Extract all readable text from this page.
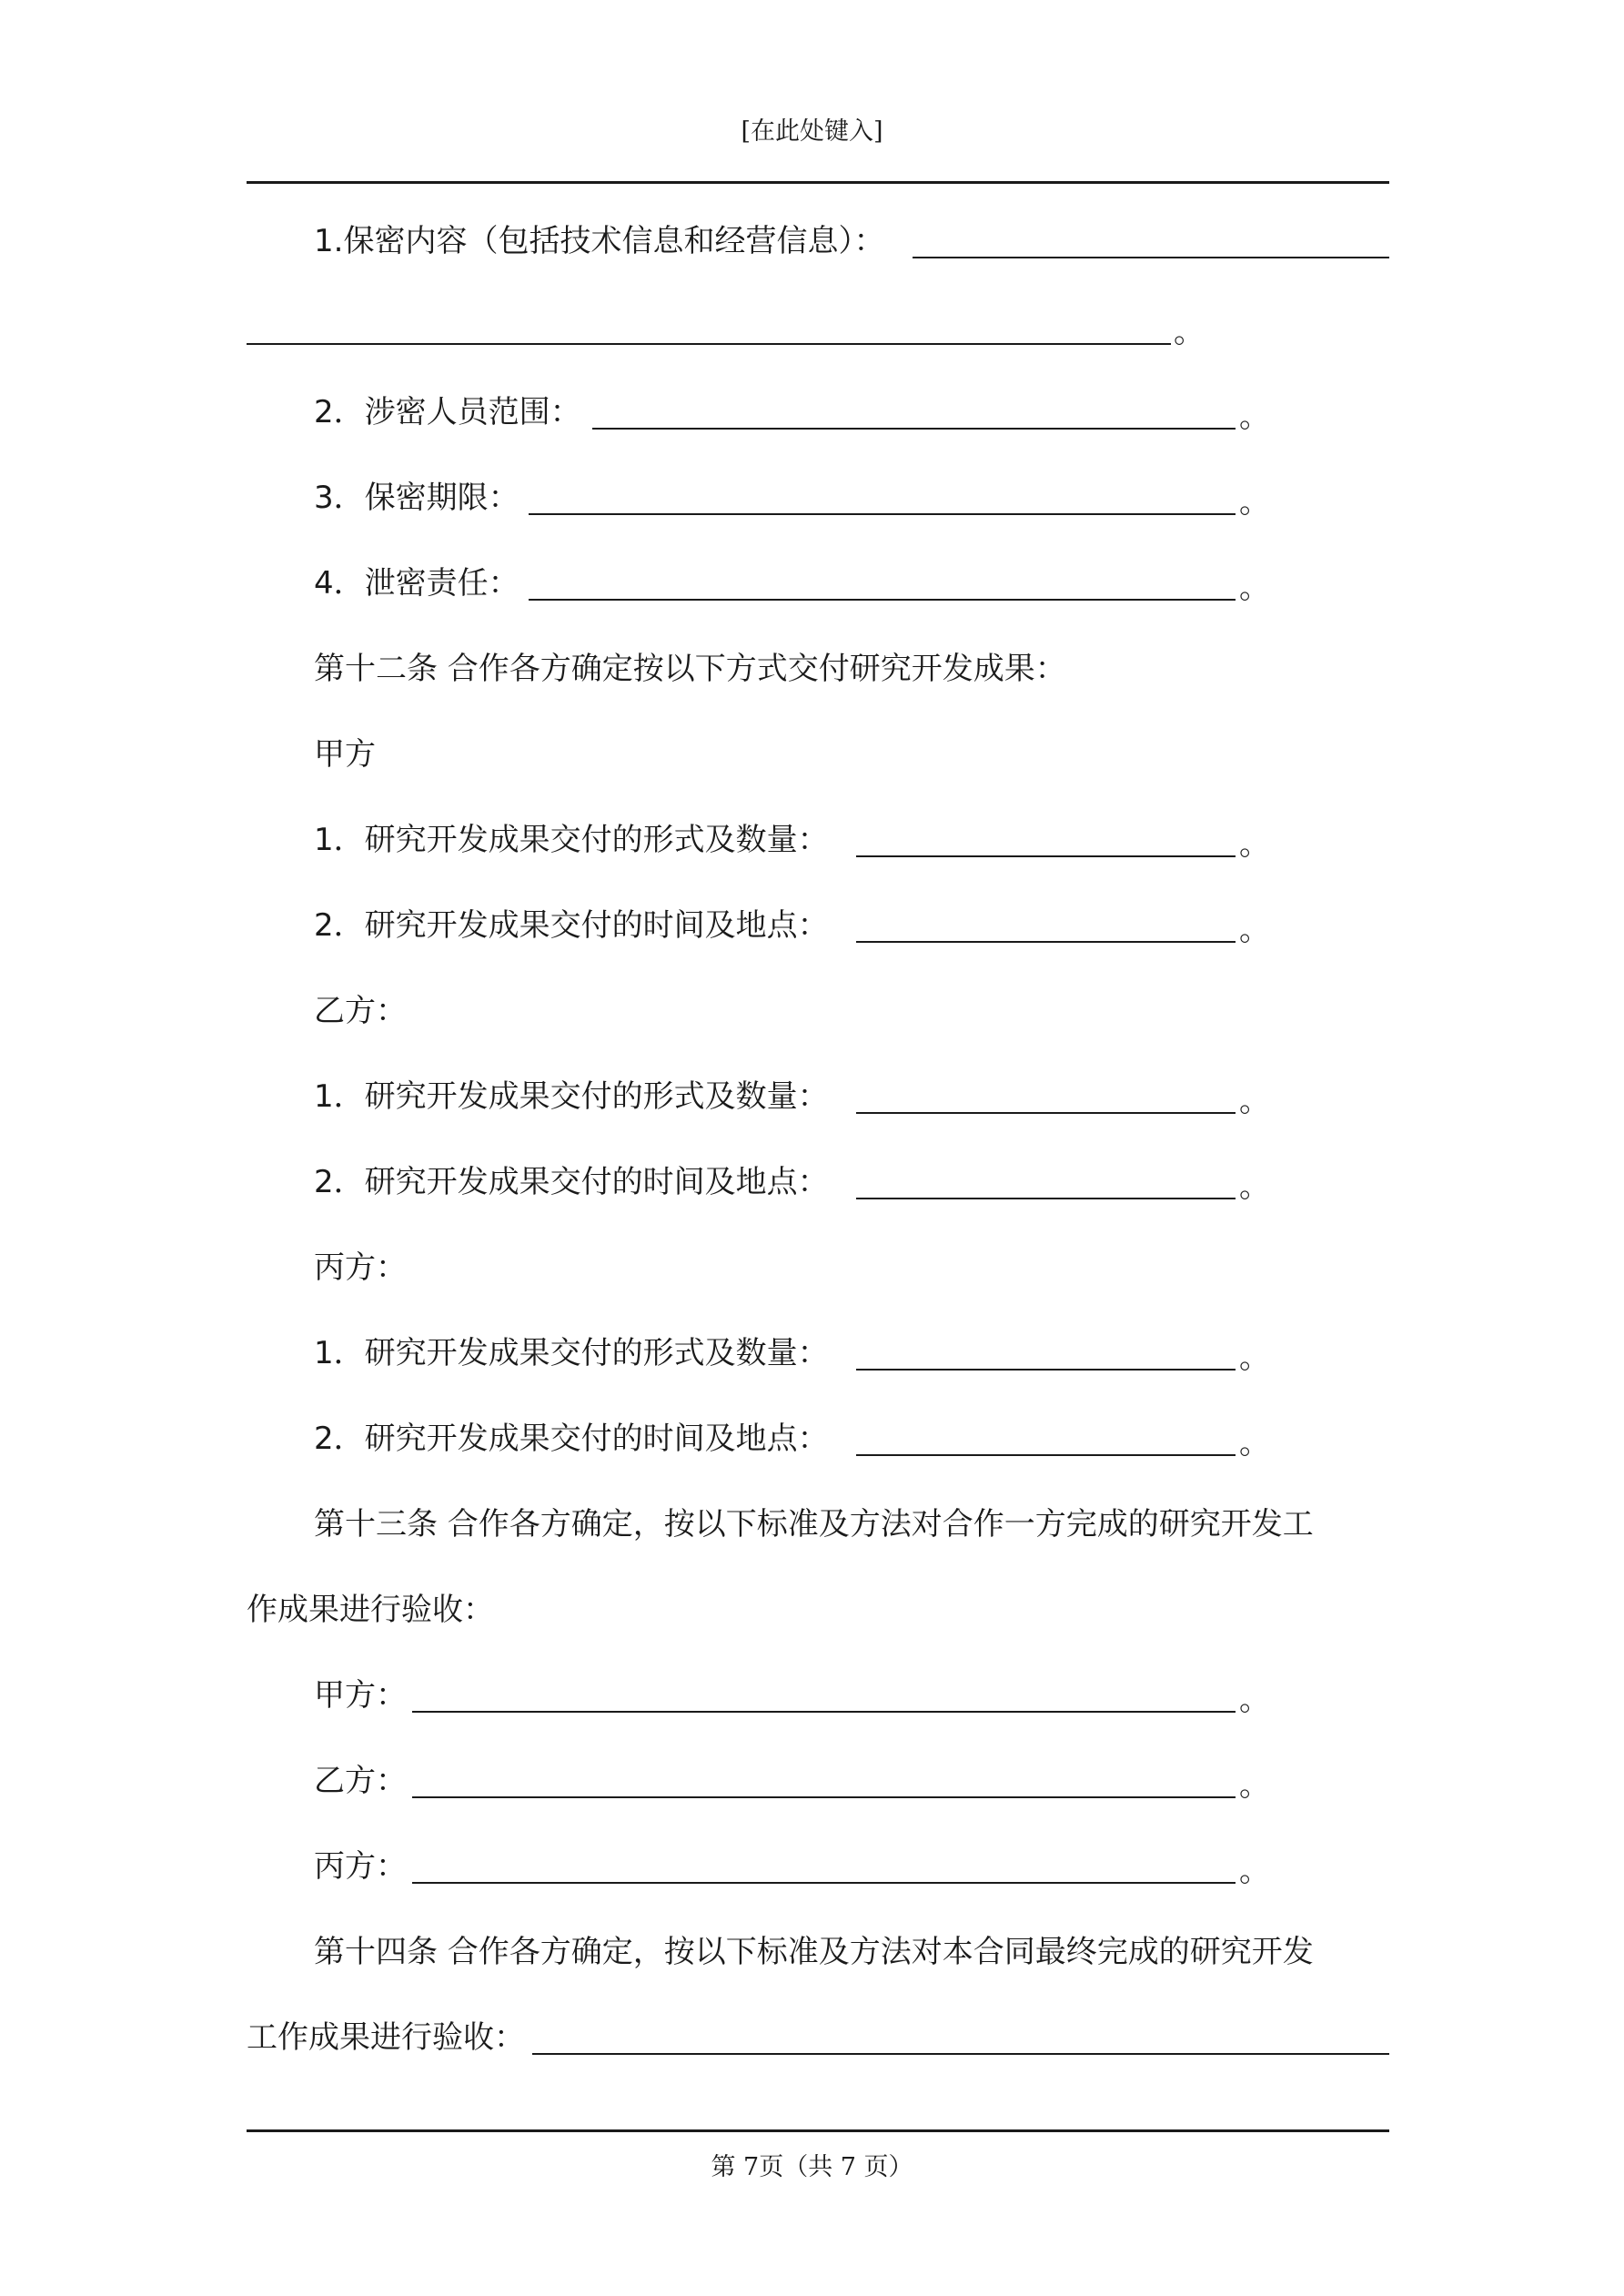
[在此处键入]
1.保密内容（包括技术信息和经营信息）：
。
2．涉密人员范围：	。
3．保密期限：	。
4．泄密责任：	。
第十二条 合作各方确定按以下方式交付研究开发成果：
甲方
1．研究开发成果交付的形式及数量：	。
2．研究开发成果交付的时间及地点：	。
乙方：
1．研究开发成果交付的形式及数量：	。
2．研究开发成果交付的时间及地点：	。
丙方：
1．研究开发成果交付的形式及数量：	。
2．研究开发成果交付的时间及地点：	。
第十三条 合作各方确定，按以下标准及方法对合作一方完成的研究开发工
作成果进行验收：
甲方：	。
乙方：	。
丙方：	。
第十四条 合作各方确定，按以下标准及方法对本合同最终完成的研究开发
工作成果进行验收：
第 7页（共 7 页）
